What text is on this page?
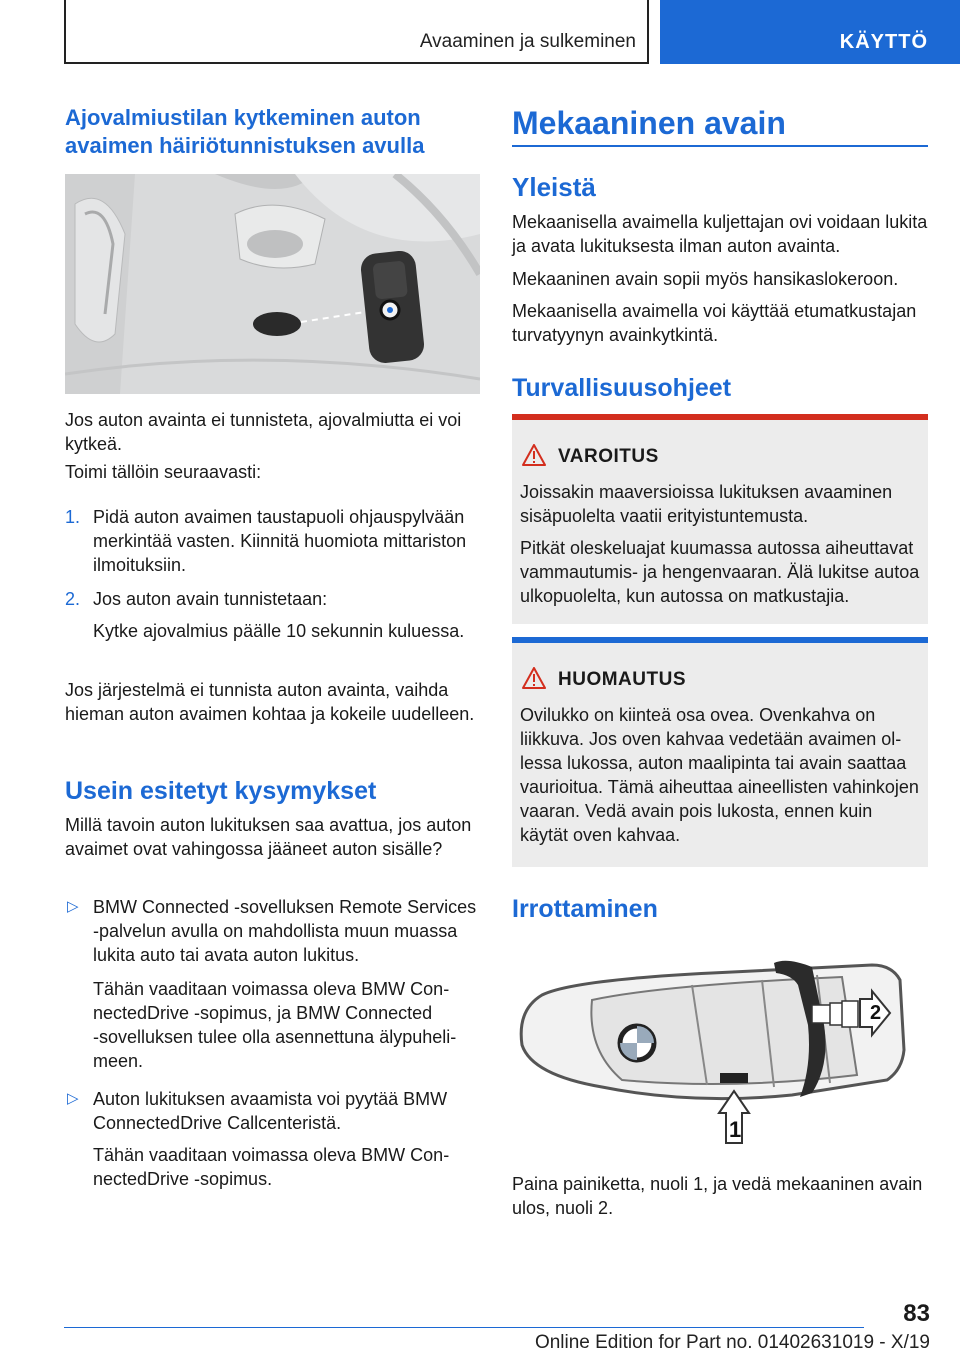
Avaaminen ja sulkeminen	KÄYTTÖ
Ajovalmiustilan kytkeminen auton avaimen häiriötunnistuksen avulla

Jos auton avainta ei tunnisteta, ajovalmiutta ei voi kytkeä.

Toimi tällöin seuraavasti:

1. Pidä auton avaimen taustapuoli ohjauspylvään merkintää vasten. Kiinnitä huomiota mittariston ilmoituksiin.

2. Jos auton avain tunnistetaan:

Kytke ajovalmius päälle 10 sekunnin kuluessa.

Jos järjestelmä ei tunnista auton avainta, vaihda hieman auton avaimen kohtaa ja kokeile uudelleen.

Usein esitetyt kysymykset

Millä tavoin auton lukituksen saa avattua, jos auton avaimet ovat vahingossa jääneet auton sisälle?

▷ BMW Connected ‑sovelluksen Remote Services ‑palvelun avulla on mahdollista muun muassa lukita auto tai avata auton lukitus.

Tähän vaaditaan voimassa oleva BMW ConnectedDrive ‑sopimus, ja BMW Connected ‑sovelluksen tulee olla asennettuna älypuhelimeen.

▷ Auton lukituksen avaamista voi pyytää BMW ConnectedDrive Callcenteristä.

Tähän vaaditaan voimassa oleva BMW ConnectedDrive ‑sopimus.

Mekaaninen avain
Yleistä

Mekaanisella avaimella kuljettajan ovi voidaan lukita ja avata lukituksesta ilman auton avainta.

Mekaaninen avain sopii myös hansikaslokeroon.

Mekaanisella avaimella voi käyttää etumatkustajan turvatyynyn avainkytkintä.

Turvallisuusohjeet
VAROITUS
Joissakin maaversioissa lukituksen avaaminen sisäpuolelta vaatii erityistuntemusta.
Pitkät oleskeluajat kuumassa autossa aiheuttavat vammautumis- ja hengenvaaran. Älä lukitse autoa ulkopuolelta, kun autossa on matkustajia.
HUOMAUTUS
Ovilukko on kiinteä osa ovea. Ovenkahva on liikkuva. Jos oven kahvaa vedetään avaimen ollessa lukossa, auton maalipinta tai avain saattaa vaurioitua. Tämä aiheuttaa aineellisten vahinkojen vaaran. Vedä avain pois lukosta, ennen kuin käytät oven kahvaa.
Irrottaminen
2
1

Paina painiketta, nuoli 1, ja vedä mekaaninen avain ulos, nuoli 2.

83
Online Edition for Part no. 01402631019 - X/19
